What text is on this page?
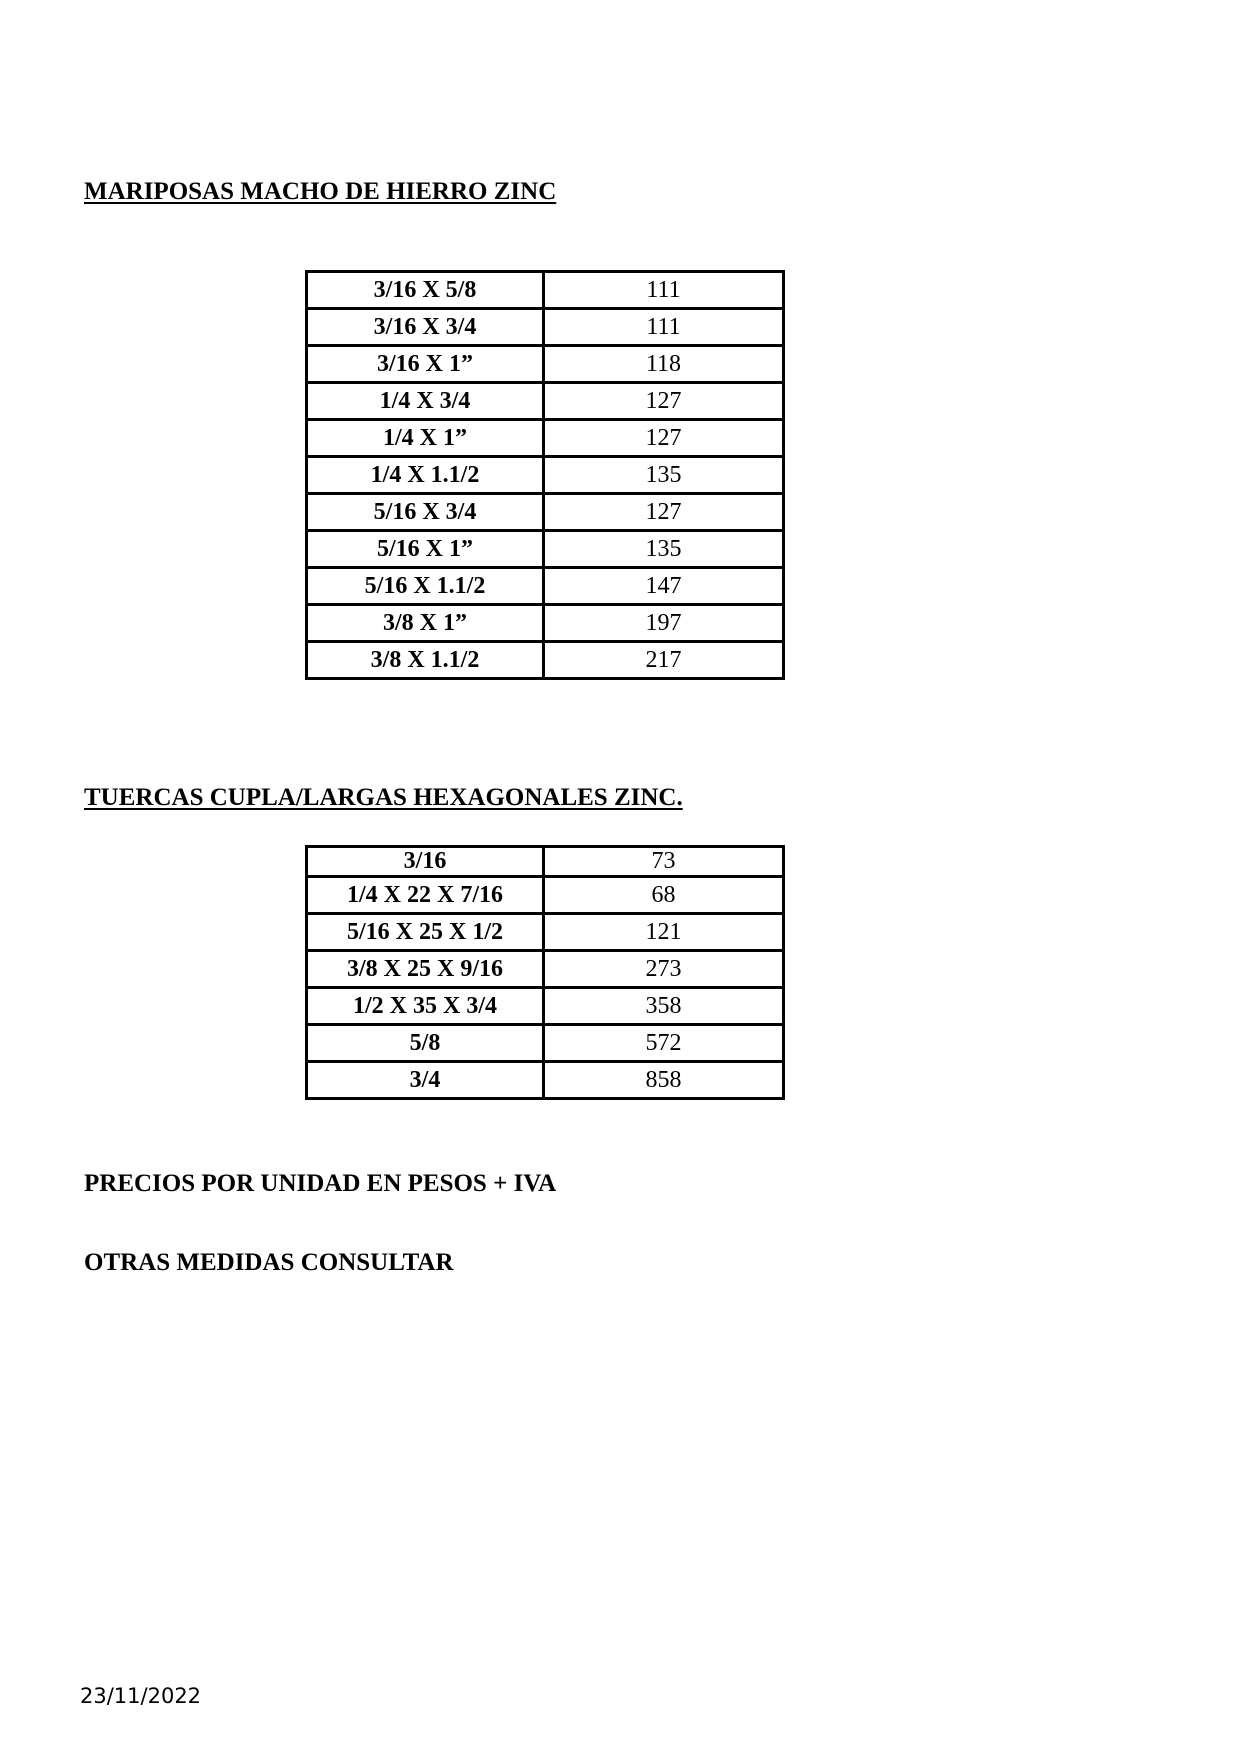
MARIPOSAS MACHO DE HIERRO ZINC
3/16 X 5/8	111
3/16 X 3/4	111
3/16 X 1”	118
1/4 X 3/4	127
1/4 X 1”	127
1/4 X 1.1/2	135
5/16 X 3/4	127
5/16 X 1”	135
5/16 X 1.1/2	147
3/8 X 1”	197
3/8 X 1.1/2	217
TUERCAS CUPLA/LARGAS HEXAGONALES ZINC.
3/16	73
1/4 X 22 X 7/16	68
5/16 X 25 X 1/2	121
3/8 X 25 X 9/16	273
1/2 X 35 X 3/4	358
5/8	572
3/4	858

PRECIOS POR UNIDAD EN PESOS + IVA

OTRAS MEDIDAS CONSULTAR

23/11/2022
